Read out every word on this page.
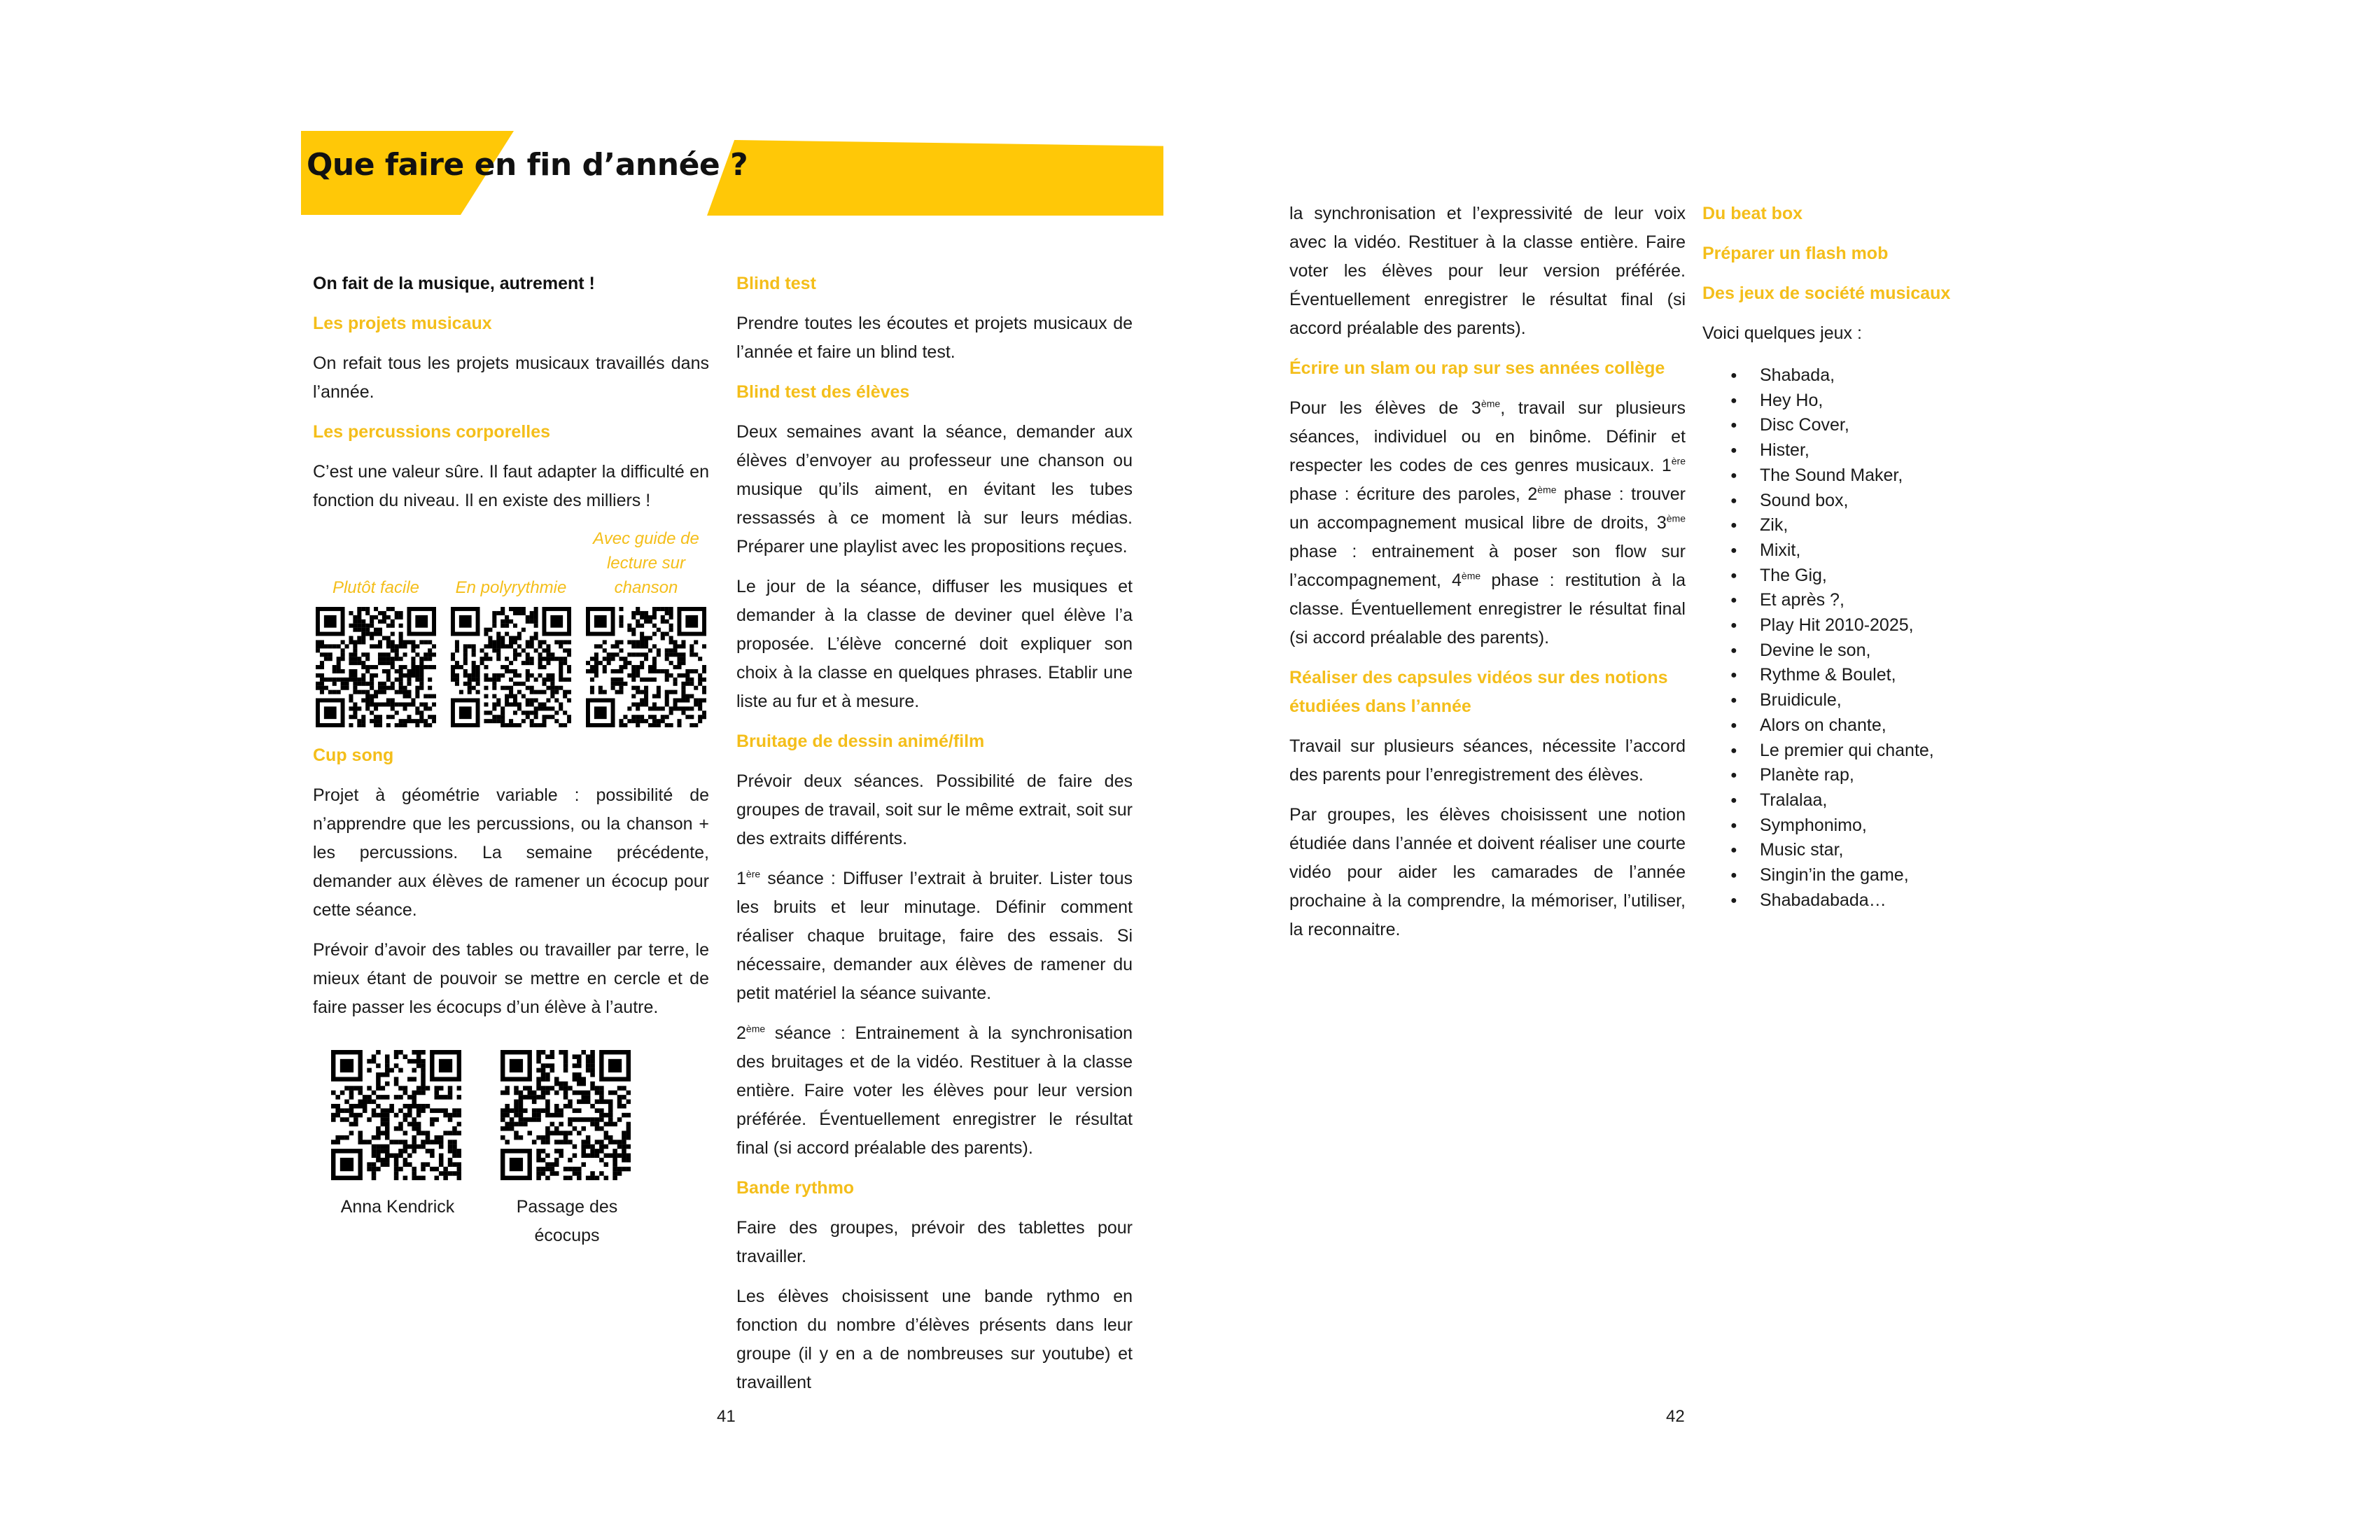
Que faire en fin d’année ?
On fait de la musique, autrement !
Les projets musicaux

On refait tous les projets musicaux travaillés dans l’année.

Les percussions corporelles

C’est une valeur sûre. Il faut adapter la difficulté en fonction du niveau. Il en existe des milliers !

Plutôt facile	En polyrythmie
Avec guide de lecture sur chanson
Cup song

Projet à géométrie variable : possibilité de n’apprendre que les percussions, ou la chanson + les percussions. La semaine précédente, demander aux élèves de ramener un écocup pour cette séance.

Prévoir d’avoir des tables ou travailler par terre, le mieux étant de pouvoir se mettre en cercle et de faire passer les écocups d’un élève à l’autre.

Anna Kendrick	Passage des écocups
Blind test

Prendre toutes les écoutes et projets musicaux de l’année et faire un blind test.

Blind test des élèves

Deux semaines avant la séance, demander aux élèves d’envoyer au professeur une chanson ou musique qu’ils aiment, en évitant les tubes ressassés à ce moment là sur leurs médias. Préparer une playlist avec les propositions reçues.

Le jour de la séance, diffuser les musiques et demander à la classe de deviner quel élève l’a proposée. L’élève concerné doit expliquer son choix à la classe en quelques phrases. Etablir une liste au fur et à mesure.

Bruitage de dessin animé/film

Prévoir deux séances. Possibilité de faire des groupes de travail, soit sur le même extrait, soit sur des extraits différents.

1ère séance : Diffuser l’extrait à bruiter. Lister tous les bruits et leur minutage. Définir comment réaliser chaque bruitage, faire des essais. Si nécessaire, demander aux élèves de ramener du petit matériel la séance suivante.

2ème séance : Entrainement à la synchronisation des bruitages et de la vidéo. Restituer à la classe entière. Faire voter les élèves pour leur version préférée. Éventuellement enregistrer le résultat final (si accord préalable des parents).

Bande rythmo

Faire des groupes, prévoir des tablettes pour travailler.

Les élèves choisissent une bande rythmo en fonction du nombre d’élèves présents dans leur groupe (il y en a de nombreuses sur youtube) et travaillent

la synchronisation et l’expressivité de leur voix avec la vidéo. Restituer à la classe entière. Faire voter les élèves pour leur version préférée. Éventuellement enregistrer le résultat final (si accord préalable des parents).

Écrire un slam ou rap sur ses années collège

Pour les élèves de 3ème, travail sur plusieurs séances, individuel ou en binôme. Définir et respecter les codes de ces genres musicaux. 1ère phase : écriture des paroles, 2ème phase : trouver un accompagnement musical libre de droits, 3ème phase : entrainement à poser son flow sur l’accompagnement, 4ème phase : restitution à la classe. Éventuellement enregistrer le résultat final (si accord préalable des parents).

Réaliser des capsules vidéos sur des notions étudiées dans l’année

Travail sur plusieurs séances, nécessite l’accord des parents pour l’enregistrement des élèves.

Par groupes, les élèves choisissent une notion étudiée dans l’année et doivent réaliser une courte vidéo pour aider les camarades de l’année prochaine à la comprendre, la mémoriser, l’utiliser, la reconnaitre.

Du beat box
Préparer un flash mob
Des jeux de société musicaux

Voici quelques jeux :

● Shabada,
● Hey Ho,
● Disc Cover,
● Hister,
● The Sound Maker,
● Sound box,
● Zik,
● Mixit,
● The Gig,
● Et après ?,
● Play Hit 2010-2025,
● Devine le son,
● Rythme & Boulet,
● Bruidicule,
● Alors on chante,
● Le premier qui chante,
● Planète rap,
● Tralalaa,
● Symphonimo,
● Music star,
● Singin’in the game,
● Shabadabada…
41	42
